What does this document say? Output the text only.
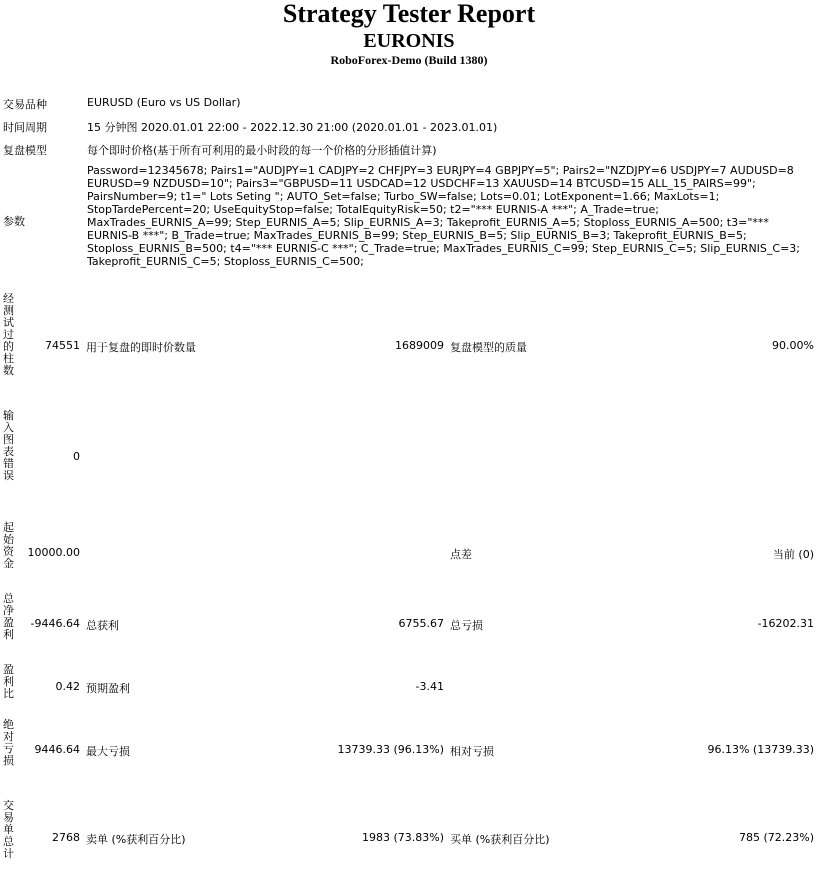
Strategy Tester Report
EURONIS
RoboForex-Demo (Build 1380)
交易品种	EURUSD (Euro vs US Dollar)
时间周期	15 分钟图 2020.01.01 22:00 - 2022.12.30 21:00 (2020.01.01 - 2023.01.01)
复盘模型	每个即时价格(基于所有可利用的最小时段的每一个价格的分形插值计算)
参数
Password=12345678; Pairs1="AUDJPY=1 CADJPY=2 CHFJPY=3 EURJPY=4 GBPJPY=5"; Pairs2="NZDJPY=6 USDJPY=7 AUDUSD=8 EURUSD=9 NZDUSD=10"; Pairs3="GBPUSD=11 USDCAD=12 USDCHF=13 XAUUSD=14 BTCUSD=15 ALL_15_PAIRS=99"; PairsNumber=9; t1=" Lots Seting "; AUTO_Set=false; Turbo_SW=false; Lots=0.01; LotExponent=1.66; MaxLots=1; StopTardePercent=20; UseEquityStop=false; TotalEquityRisk=50; t2="*** EURNIS-A ***"; A_Trade=true; MaxTrades_EURNIS_A=99; Step_EURNIS_A=5; Slip_EURNIS_A=3; Takeprofit_EURNIS_A=5; Stoploss_EURNIS_A=500; t3="*** EURNIS-B ***"; B_Trade=true; MaxTrades_EURNIS_B=99; Step_EURNIS_B=5; Slip_EURNIS_B=3; Takeprofit_EURNIS_B=5; Stoploss_EURNIS_B=500; t4="*** EURNIS-C ***"; C_Trade=true; MaxTrades_EURNIS_C=99; Step_EURNIS_C=5; Slip_EURNIS_C=3; Takeprofit_EURNIS_C=5; Stoploss_EURNIS_C=500;
经测试过的柱数
74551 用于复盘的即时价数量	1689009 复盘模型的质量	90.00%
输入图表错误
0
起始资金
10000.00	点差	当前 (0)
总净盈利
-9446.64 总获利	6755.67 总亏损	-16202.31
盈利比
0.42 预期盈利	-3.41
绝对亏损
9446.64 最大亏损	13739.33 (96.13%) 相对亏损	96.13% (13739.33)
交易单总计
2768 卖单 (%获利百分比)	1983 (73.83%) 买单 (%获利百分比)	785 (72.23%)
